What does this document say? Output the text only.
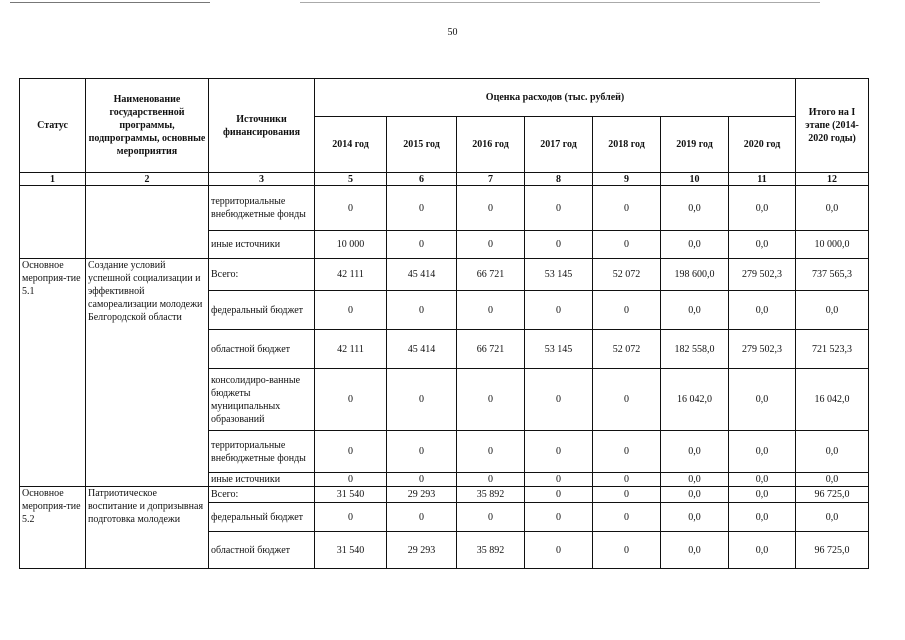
50
Статус	Наименование государственной программы, подпрограммы, основные мероприятия	Источники финансирования	Оценка расходов (тыс. рублей)							Итого на I этапе (2014-2020 годы)
			2014 год	2015 год	2016 год	2017 год	2018 год	2019 год	2020 год	
1	2	3	5	6	7	8	9	10	11	12
		территориальные внебюджетные фонды	0	0	0	0	0	0,0	0,0	0,0
		иные источники	10 000	0	0	0	0	0,0	0,0	10 000,0
Основное мероприя-тие 5.1	Создание условий успешной социализации и эффективной самореализации молодежи Белгородской области	Всего:	42 111	45 414	66 721	53 145	52 072	198 600,0	279 502,3	737 565,3
		федеральный бюджет	0	0	0	0	0	0,0	0,0	0,0
		областной бюджет	42 111	45 414	66 721	53 145	52 072	182 558,0	279 502,3	721 523,3
		консолидиро-ванные бюджеты муниципальных образований	0	0	0	0	0	16 042,0	0,0	16 042,0
		территориальные внебюджетные фонды	0	0	0	0	0	0,0	0,0	0,0
		иные источники	0	0	0	0	0	0,0	0,0	0,0
Основное мероприя-тие 5.2	Патриотическое воспитание и допризывная подготовка молодежи	Всего:	31 540	29 293	35 892	0	0	0,0	0,0	96 725,0
		федеральный бюджет	0	0	0	0	0	0,0	0,0	0,0
		областной бюджет	31 540	29 293	35 892	0	0	0,0	0,0	96 725,0
